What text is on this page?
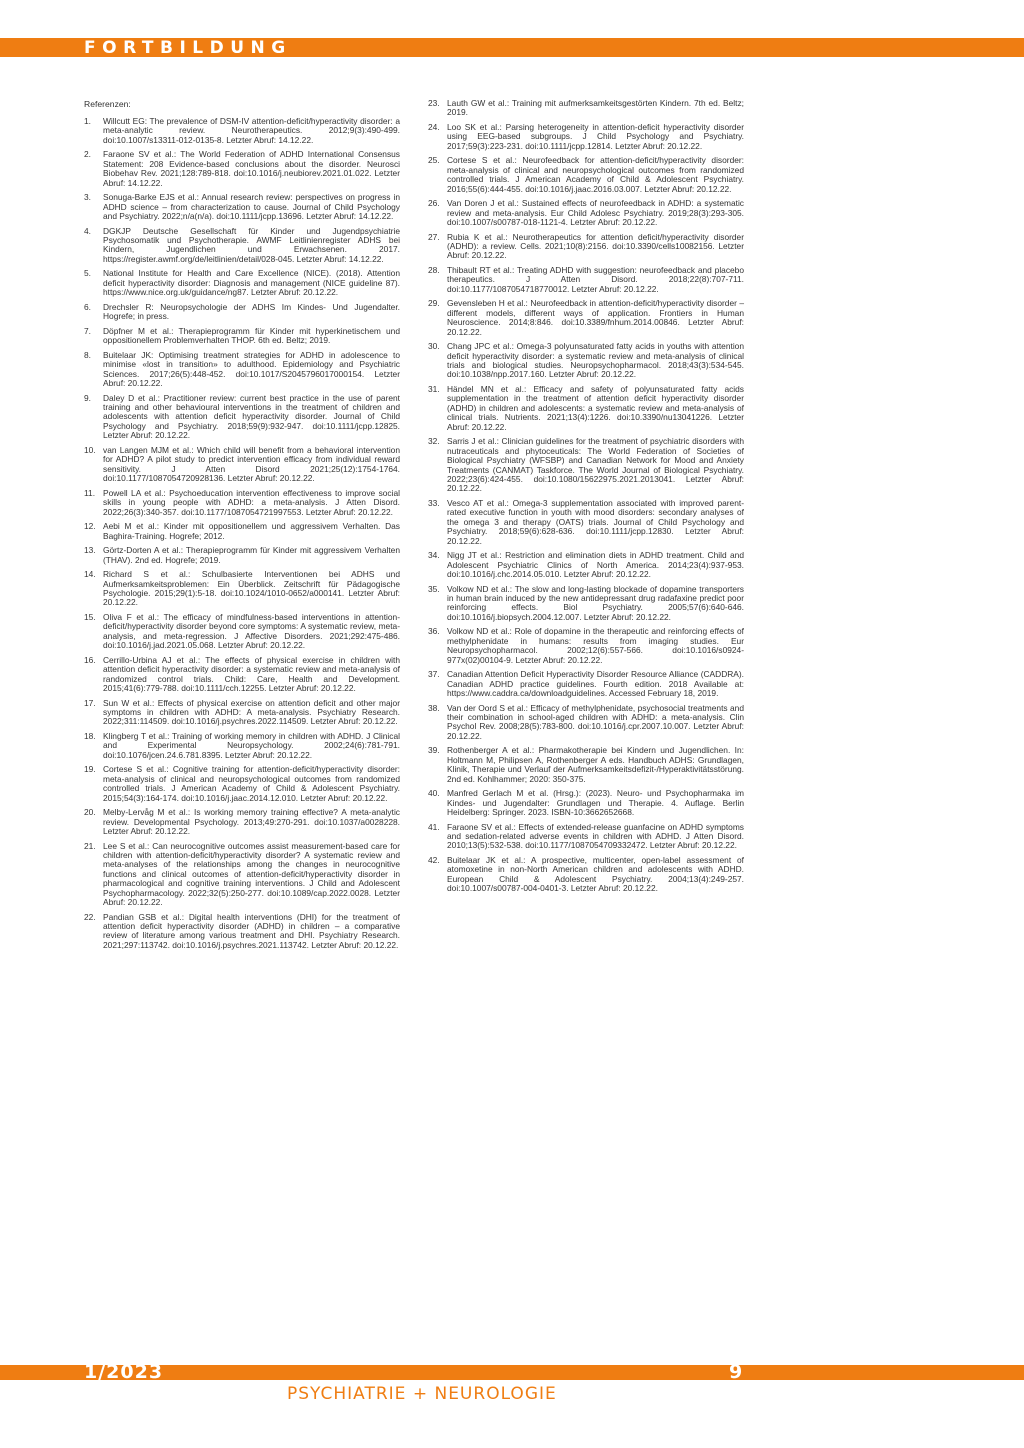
FORTBILDUNG
Referenzen:
1.	Willcutt EG: The prevalence of DSM-IV attention-deficit/hyperactivity disorder: a meta-analytic review. Neurotherapeutics. 2012;9(3):490-499. doi:10.1007/s13311-012-0135-8. Letzter Abruf: 14.12.22.
2.	Faraone SV et al.: The World Federation of ADHD International Consensus Statement: 208 Evidence-based conclusions about the disorder. Neurosci Biobehav Rev. 2021;128:789-818. doi:10.1016/j.neubiorev.2021.01.022. Letzter Abruf: 14.12.22.
3.	Sonuga-Barke EJS et al.: Annual research review: perspectives on progress in ADHD science – from characterization to cause. Journal of Child Psychology and Psychiatry. 2022;n/a(n/a). doi:10.1111/jcpp.13696. Letzter Abruf: 14.12.22.
4.	DGKJP Deutsche Gesellschaft für Kinder und Jugendpsychiatrie Psychosomatik und Psychotherapie. AWMF Leitlinienregister ADHS bei Kindern, Jugendlichen und Erwachsenen. 2017. https://register.awmf.org/de/leitlinien/detail/028-045. Letzter Abruf: 14.12.22.
5.	National Institute for Health and Care Excellence (NICE). (2018). Attention deficit hyperactivity disorder: Diagnosis and management (NICE guideline 87). https://www.nice.org.uk/guidance/ng87. Letzter Abruf: 20.12.22.
6.	Drechsler R: Neuropsychologie der ADHS Im Kindes- Und Jugendalter. Hogrefe; in press.
7.	Döpfner M et al.: Therapieprogramm für Kinder mit hyperkinetischem und oppositionellem Problemverhalten THOP. 6th ed. Beltz; 2019.
8.	Buitelaar JK: Optimising treatment strategies for ADHD in adolescence to minimise «lost in transition» to adulthood. Epidemiology and Psychiatric Sciences. 2017;26(5):448-452. doi:10.1017/S2045796017000154. Letzter Abruf: 20.12.22.
9.	Daley D et al.: Practitioner review: current best practice in the use of parent training and other behavioural interventions in the treatment of children and adolescents with attention deficit hyperactivity disorder. Journal of Child Psychology and Psychiatry. 2018;59(9):932-947. doi:10.1111/jcpp.12825. Letzter Abruf: 20.12.22.
10. van Langen MJM et al.: Which child will benefit from a behavioral intervention for ADHD? A pilot study to predict intervention efficacy from individual reward sensitivity. J Atten Disord 2021;25(12):1754-1764. doi:10.1177/1087054720928136. Letzter Abruf: 20.12.22.
11. Powell LA et al.: Psychoeducation intervention effectiveness to improve social skills in young people with ADHD: a meta-analysis. J Atten Disord. 2022;26(3):340-357. doi:10.1177/1087054721997553. Letzter Abruf: 20.12.22.
12. Aebi M et al.: Kinder mit oppositionellem und aggressivem Verhalten. Das Baghira-Training. Hogrefe; 2012.
13. Görtz-Dorten A et al.: Therapieprogramm für Kinder mit aggressivem Verhalten (THAV). 2nd ed. Hogrefe; 2019.
14. Richard S et al.: Schulbasierte Interventionen bei ADHS und Aufmerksamkeitsproblemen: Ein Überblick. Zeitschrift für Pädagogische Psychologie. 2015;29(1):5-18. doi:10.1024/1010-0652/a000141. Letzter Abruf: 20.12.22.
15. Oliva F et al.: The efficacy of mindfulness-based interventions in attention-deficit/hyperactivity disorder beyond core symptoms: A systematic review, meta-analysis, and meta-regression. J Affective Disorders. 2021;292:475-486. doi:10.1016/j.jad.2021.05.068. Letzter Abruf: 20.12.22.
16. Cerrillo-Urbina AJ et al.: The effects of physical exercise in children with attention deficit hyperactivity disorder: a systematic review and meta-analysis of randomized control trials. Child: Care, Health and Development. 2015;41(6):779-788. doi:10.1111/cch.12255. Letzter Abruf: 20.12.22.
17. Sun W et al.: Effects of physical exercise on attention deficit and other major symptoms in children with ADHD: A meta-analysis. Psychiatry Research. 2022;311:114509. doi:10.1016/j.psychres.2022.114509. Letzter Abruf: 20.12.22.
18. Klingberg T et al.: Training of working memory in children with ADHD. J Clinical and Experimental Neuropsychology. 2002;24(6):781-791. doi:10.1076/jcen.24.6.781.8395. Letzter Abruf: 20.12.22.
19. Cortese S et al.: Cognitive training for attention-deficit/hyperactivity disorder: meta-analysis of clinical and neuropsychological outcomes from randomized controlled trials. J American Academy of Child & Adolescent Psychiatry. 2015;54(3):164-174. doi:10.1016/j.jaac.2014.12.010. Letzter Abruf: 20.12.22.
20. Melby-Lervåg M et al.: Is working memory training effective? A meta-analytic review. Developmental Psychology. 2013;49:270-291. doi:10.1037/a0028228. Letzter Abruf: 20.12.22.
21. Lee S et al.: Can neurocognitive outcomes assist measurement-based care for children with attention-deficit/hyperactivity disorder? A systematic review and meta-analyses of the relationships among the changes in neurocognitive functions and clinical outcomes of attention-deficit/hyperactivity disorder in pharmacological and cognitive training interventions. J Child and Adolescent Psychopharmacology. 2022;32(5):250-277. doi:10.1089/cap.2022.0028. Letzter Abruf: 20.12.22.
22. Pandian GSB et al.: Digital health interventions (DHI) for the treatment of attention deficit hyperactivity disorder (ADHD) in children – a comparative review of literature among various treatment and DHI. Psychiatry Research. 2021;297:113742. doi:10.1016/j.psychres.2021.113742. Letzter Abruf: 20.12.22.
23. Lauth GW et al.: Training mit aufmerksamkeitsgestörten Kindern. 7th ed. Beltz; 2019.
24. Loo SK et al.: Parsing heterogeneity in attention-deficit hyperactivity disorder using EEG-based subgroups. J Child Psychology and Psychiatry. 2017;59(3):223-231. doi:10.1111/jcpp.12814. Letzter Abruf: 20.12.22.
25. Cortese S et al.: Neurofeedback for attention-deficit/hyperactivity disorder: meta-analysis of clinical and neuropsychological outcomes from randomized controlled trials. J American Academy of Child & Adolescent Psychiatry. 2016;55(6):444-455. doi:10.1016/j.jaac.2016.03.007. Letzter Abruf: 20.12.22.
26. Van Doren J et al.: Sustained effects of neurofeedback in ADHD: a systematic review and meta-analysis. Eur Child Adolesc Psychiatry. 2019;28(3):293-305. doi:10.1007/s00787-018-1121-4. Letzter Abruf: 20.12.22.
27. Rubia K et al.: Neurotherapeutics for attention deficit/hyperactivity disorder (ADHD): a review. Cells. 2021;10(8):2156. doi:10.3390/cells10082156. Letzter Abruf: 20.12.22.
28. Thibault RT et al.: Treating ADHD with suggestion: neurofeedback and placebo therapeutics. J Atten Disord. 2018;22(8):707-711. doi:10.1177/1087054718770012. Letzter Abruf: 20.12.22.
29. Gevensleben H et al.: Neurofeedback in attention-deficit/hyperactivity disorder – different models, different ways of application. Frontiers in Human Neuroscience. 2014;8:846. doi:10.3389/fnhum.2014.00846. Letzter Abruf: 20.12.22.
30. Chang JPC et al.: Omega-3 polyunsaturated fatty acids in youths with attention deficit hyperactivity disorder: a systematic review and meta-analysis of clinical trials and biological studies. Neuropsychopharmacol. 2018;43(3):534-545. doi:10.1038/npp.2017.160. Letzter Abruf: 20.12.22.
31. Händel MN et al.: Efficacy and safety of polyunsaturated fatty acids supplementation in the treatment of attention deficit hyperactivity disorder (ADHD) in children and adolescents: a systematic review and meta-analysis of clinical trials. Nutrients. 2021;13(4):1226. doi:10.3390/nu13041226. Letzter Abruf: 20.12.22.
32. Sarris J et al.: Clinician guidelines for the treatment of psychiatric disorders with nutraceuticals and phytoceuticals: The World Federation of Societies of Biological Psychiatry (WFSBP) and Canadian Network for Mood and Anxiety Treatments (CANMAT) Taskforce. The World Journal of Biological Psychiatry. 2022;23(6):424-455. doi:10.1080/15622975.2021.2013041. Letzter Abruf: 20.12.22.
33. Vesco AT et al.: Omega-3 supplementation associated with improved parent-rated executive function in youth with mood disorders: secondary analyses of the omega 3 and therapy (OATS) trials. Journal of Child Psychology and Psychiatry. 2018;59(6):628-636. doi:10.1111/jcpp.12830. Letzter Abruf: 20.12.22.
34. Nigg JT et al.: Restriction and elimination diets in ADHD treatment. Child and Adolescent Psychiatric Clinics of North America. 2014;23(4):937-953. doi:10.1016/j.chc.2014.05.010. Letzter Abruf: 20.12.22.
35. Volkow ND et al.: The slow and long-lasting blockade of dopamine transporters in human brain induced by the new antidepressant drug radafaxine predict poor reinforcing effects. Biol Psychiatry. 2005;57(6):640-646. doi:10.1016/j.biopsych.2004.12.007. Letzter Abruf: 20.12.22.
36. Volkow ND et al.: Role of dopamine in the therapeutic and reinforcing effects of methylphenidate in humans: results from imaging studies. Eur Neuropsychopharmacol. 2002;12(6):557-566. doi:10.1016/s0924-977x(02)00104-9. Letzter Abruf: 20.12.22.
37. Canadian Attention Deficit Hyperactivity Disorder Resource Alliance (CADDRA). Canadian ADHD practice guidelines. Fourth edition. 2018 Available at: https://www.caddra.ca/downloadguidelines. Accessed February 18, 2019.
38. Van der Oord S et al.: Efficacy of methylphenidate, psychosocial treatments and their combination in school-aged children with ADHD: a meta-analysis. Clin Psychol Rev. 2008;28(5):783-800. doi:10.1016/j.cpr.2007.10.007. Letzter Abruf: 20.12.22.
39. Rothenberger A et al.: Pharmakotherapie bei Kindern und Jugendlichen. In: Holtmann M, Philipsen A, Rothenberger A eds. Handbuch ADHS: Grundlagen, Klinik, Therapie und Verlauf der Aufmerksamkeitsdefizit-/Hyperaktivitätsstörung. 2nd ed. Kohlhammer; 2020: 350-375.
40. Manfred Gerlach M et al. (Hrsg.): (2023). Neuro- und Psychopharmaka im Kindes- und Jugendalter: Grundlagen und Therapie. 4. Auflage. Berlin Heidelberg: Springer. 2023. ISBN-10:3662652668.
41. Faraone SV et al.: Effects of extended-release guanfacine on ADHD symptoms and sedation-related adverse events in children with ADHD. J Atten Disord. 2010;13(5):532-538. doi:10.1177/1087054709332472. Letzter Abruf: 20.12.22.
42. Buitelaar JK et al.: A prospective, multicenter, open-label assessment of atomoxetine in non-North American children and adolescents with ADHD. European Child & Adolescent Psychiatry. 2004;13(4):249-257. doi:10.1007/s00787-004-0401-3. Letzter Abruf: 20.12.22.
1/2023	9
PSYCHIATRIE + NEUROLOGIE
